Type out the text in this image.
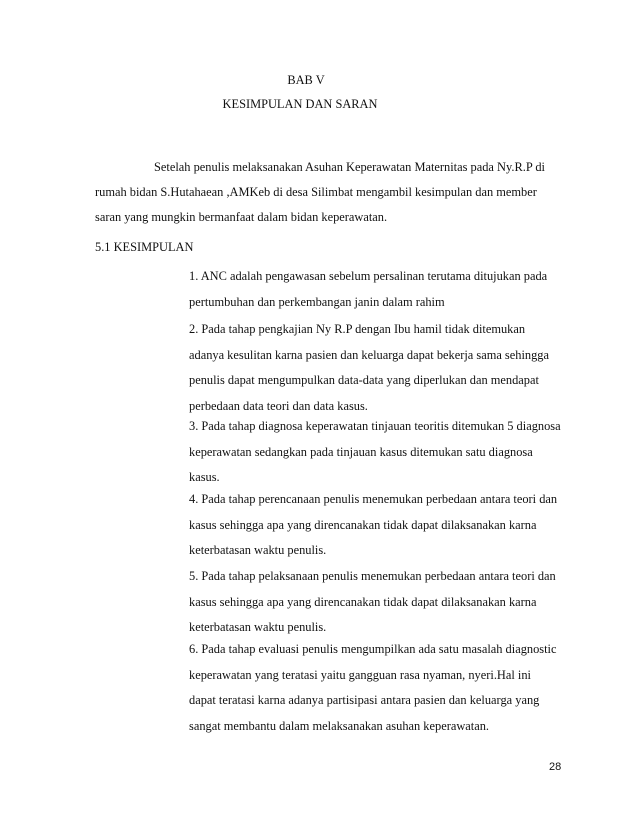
BAB V
KESIMPULAN DAN SARAN
Setelah penulis melaksanakan Asuhan Keperawatan Maternitas pada Ny.R.P di
rumah bidan S.Hutahaean ,AMKeb di desa Silimbat mengambil kesimpulan dan member
saran yang mungkin bermanfaat dalam bidan keperawatan.
5.1 KESIMPULAN
1. ANC adalah pengawasan sebelum persalinan terutama ditujukan pada
pertumbuhan dan perkembangan janin dalam rahim
2. Pada tahap pengkajian Ny R.P dengan Ibu hamil tidak ditemukan
adanya kesulitan karna pasien dan keluarga dapat bekerja sama sehingga
penulis dapat mengumpulkan data-data yang diperlukan dan mendapat
perbedaan data teori dan data kasus.
3. Pada tahap diagnosa keperawatan tinjauan teoritis ditemukan 5 diagnosa
keperawatan sedangkan pada tinjauan kasus ditemukan satu diagnosa
kasus.
4. Pada tahap perencanaan penulis menemukan perbedaan antara teori dan
kasus sehingga apa yang direncanakan tidak dapat dilaksanakan karna
keterbatasan waktu penulis.
5. Pada tahap pelaksanaan penulis menemukan perbedaan antara teori dan
kasus sehingga apa yang direncanakan tidak dapat dilaksanakan karna
keterbatasan waktu penulis.
6. Pada tahap evaluasi penulis mengumpilkan ada satu masalah diagnostic
keperawatan yang teratasi yaitu gangguan rasa nyaman, nyeri.Hal ini
dapat teratasi karna adanya partisipasi antara pasien dan keluarga yang
sangat membantu dalam melaksanakan asuhan keperawatan.
28
